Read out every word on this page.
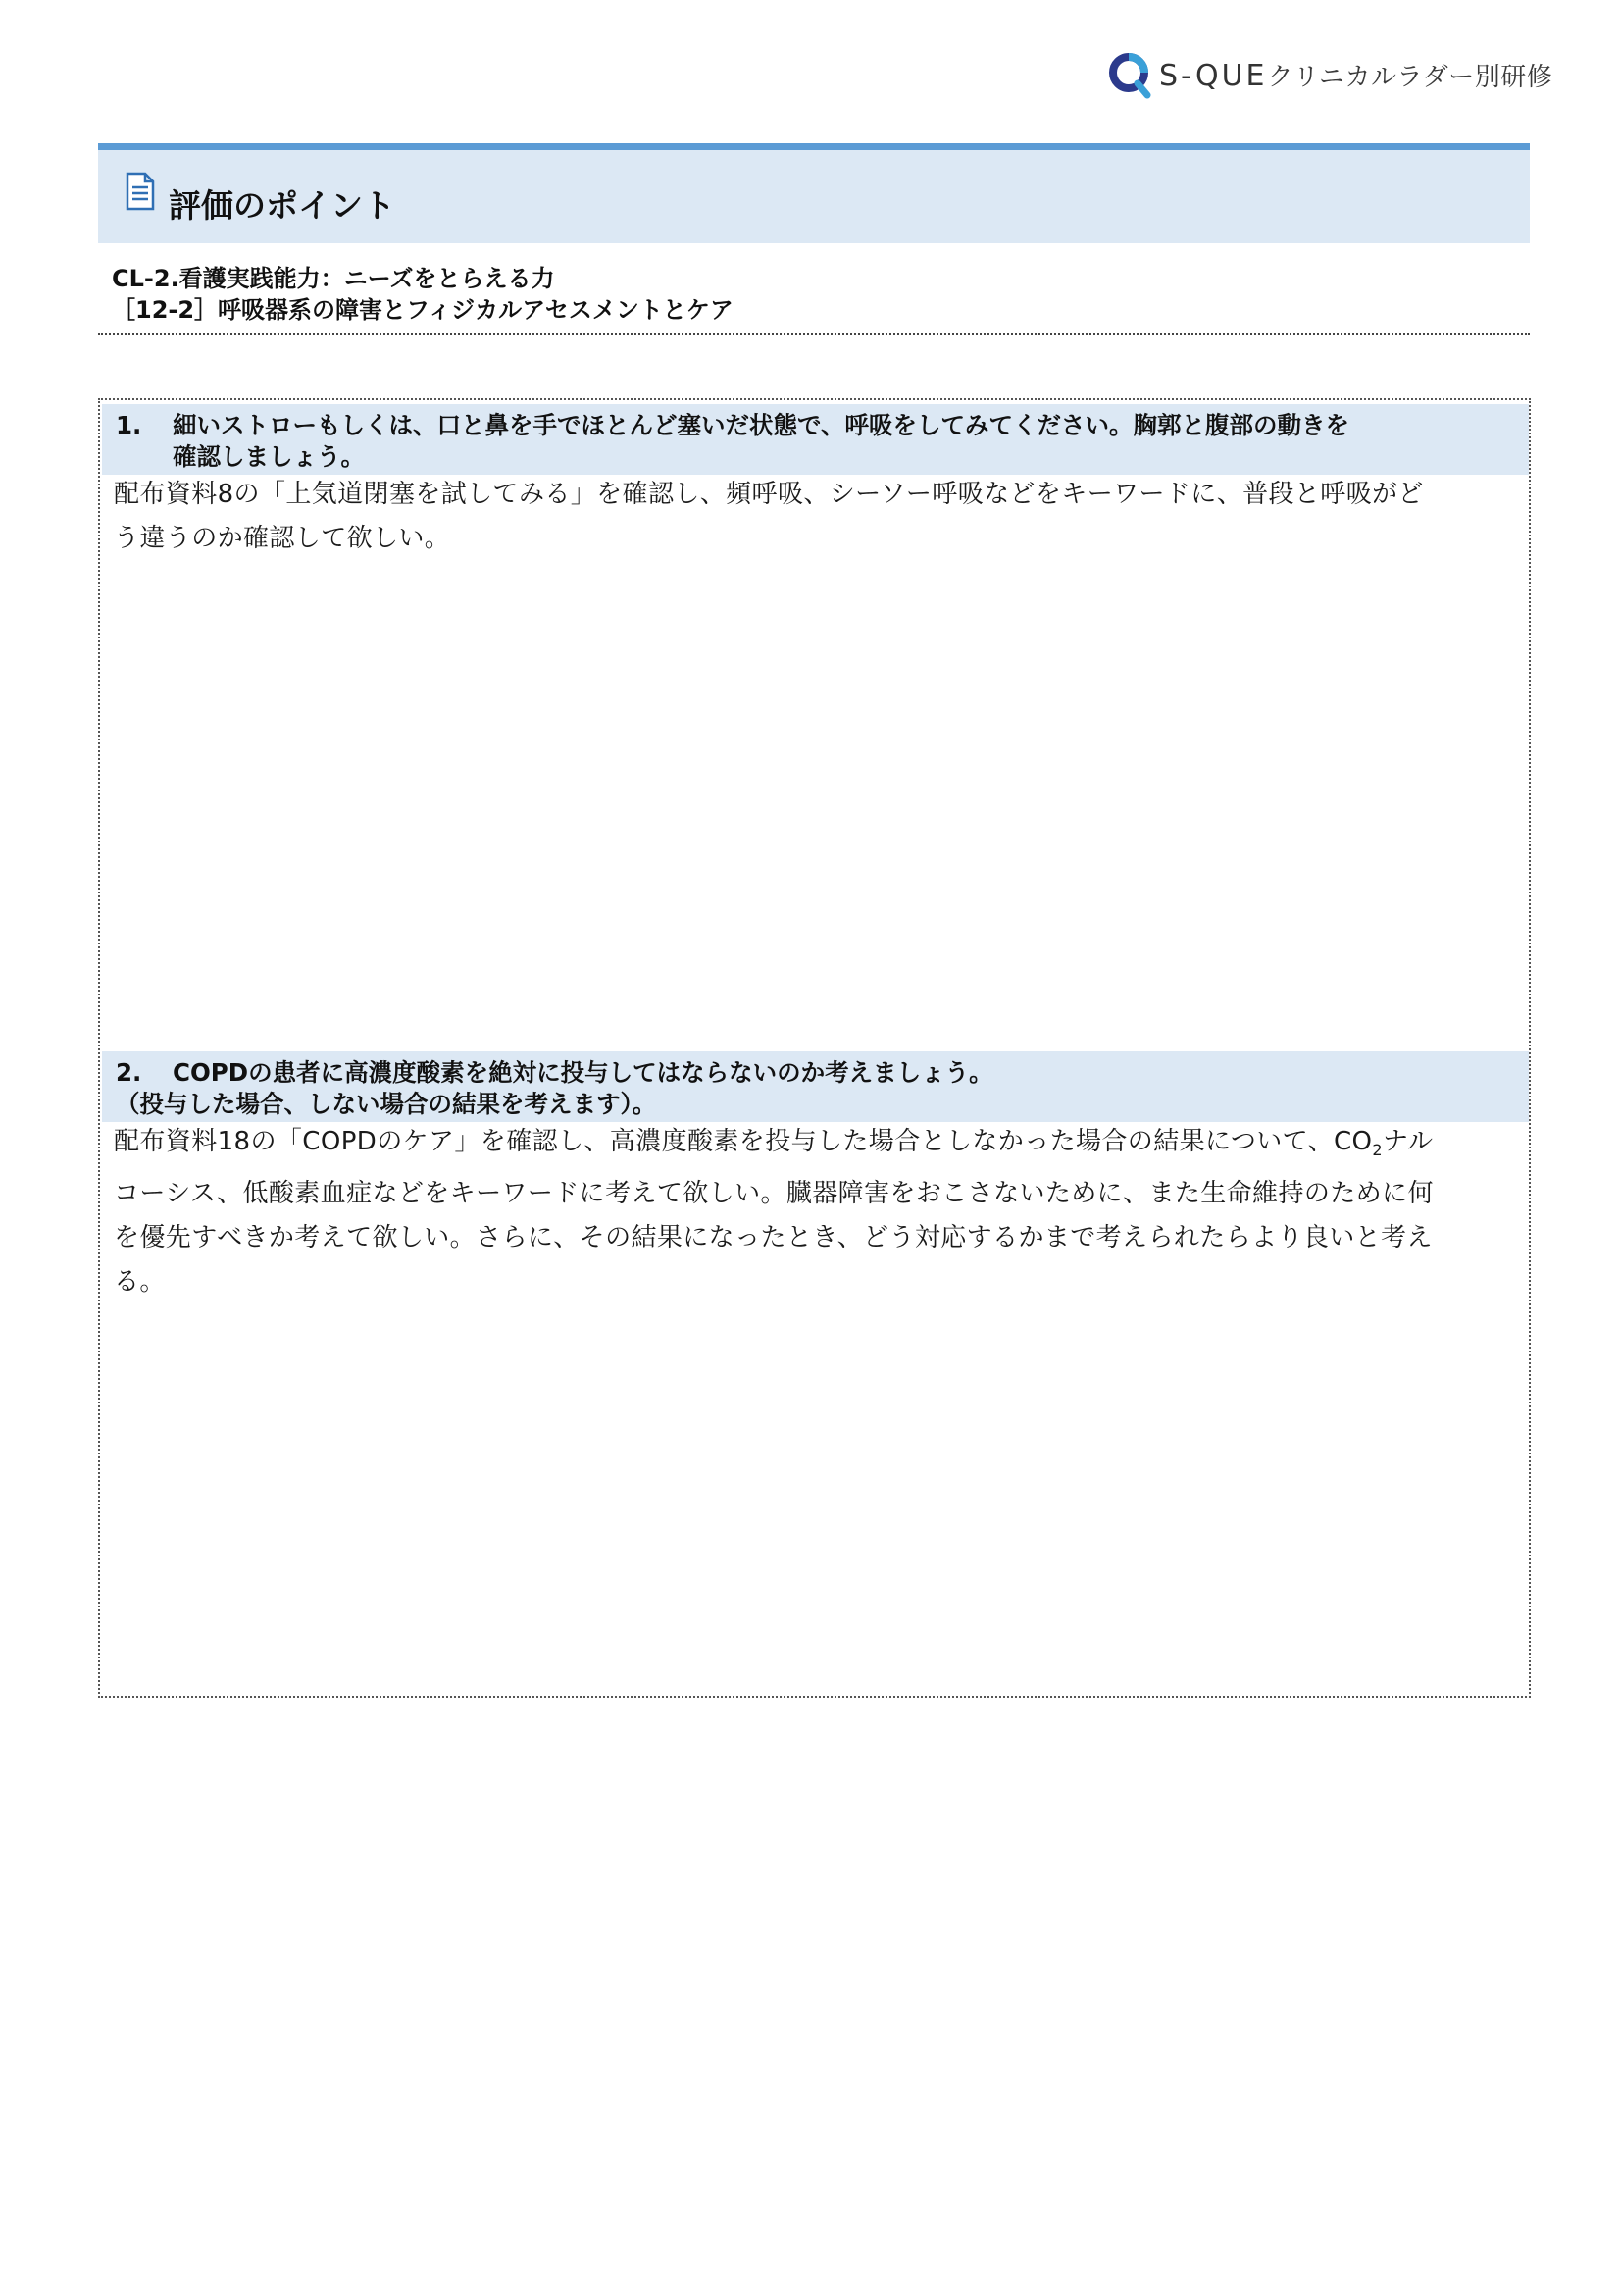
S-QUEクリニカルラダー別研修
評価のポイント
CL-2.看護実践能力：ニーズをとらえる力
［12-2］呼吸器系の障害とフィジカルアセスメントとケア
1. 細いストローもしくは、口と鼻を手でほとんど塞いだ状態で、呼吸をしてみてください。胸郭と腹部の動きを
確認しましょう。
配布資料8の「上気道閉塞を試してみる」を確認し、頻呼吸、シーソー呼吸などをキーワードに、普段と呼吸がど
う違うのか確認して欲しい。
2. COPDの患者に高濃度酸素を絶対に投与してはならないのか考えましょう。
（投与した場合、しない場合の結果を考えます）。
配布資料18の「COPDのケア」を確認し、高濃度酸素を投与した場合としなかった場合の結果について、$CO_2$ナル
コーシス、低酸素血症などをキーワードに考えて欲しい。臓器障害をおこさないために、また生命維持のために何
を優先すべきか考えて欲しい。さらに、その結果になったとき、どう対応するかまで考えられたらより良いと考え
る。
